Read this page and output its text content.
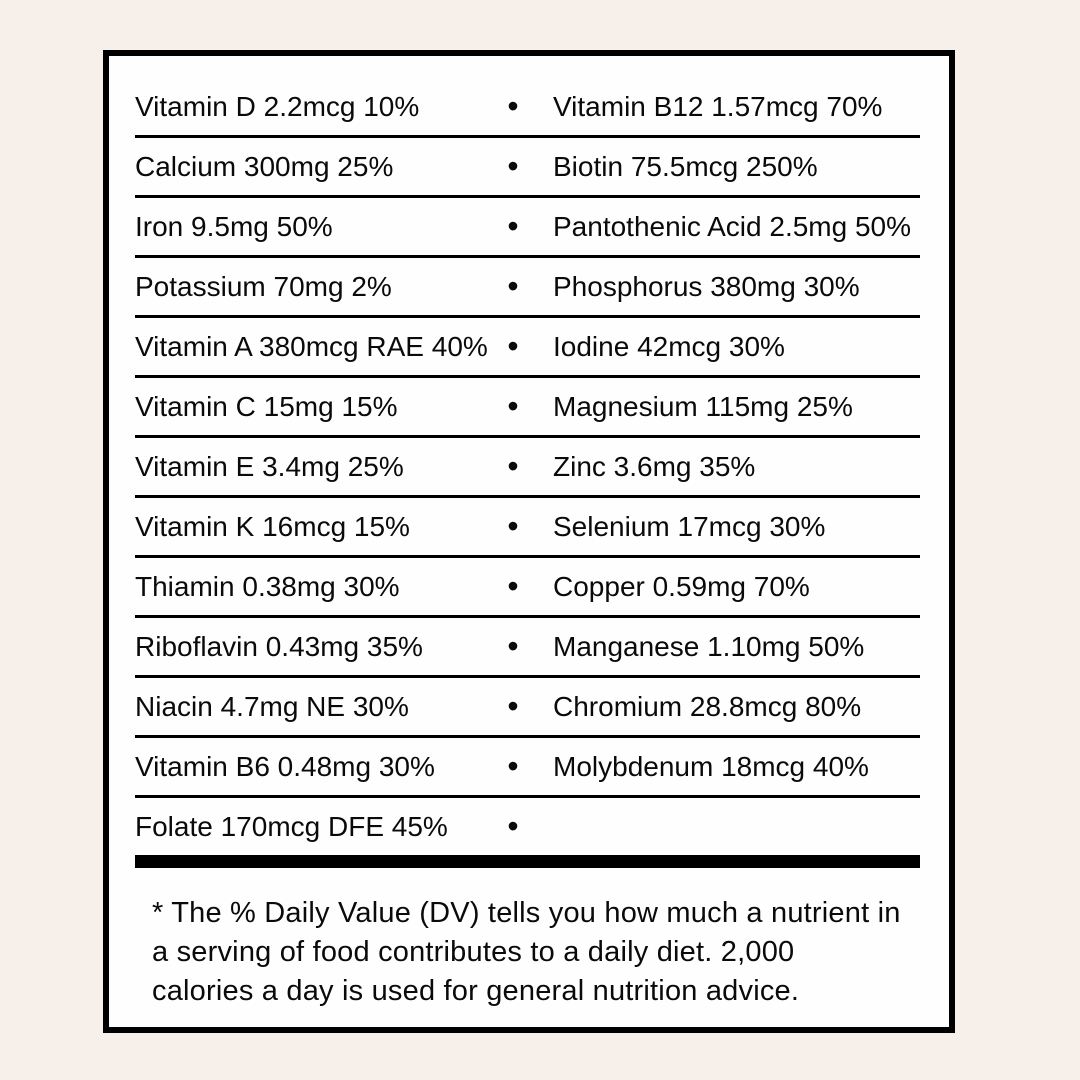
Vitamin D 2.2mcg 10%	•	Vitamin B12 1.57mcg 70%
Calcium 300mg 25%	•	Biotin 75.5mcg 250%
Iron 9.5mg 50%	•	Pantothenic Acid 2.5mg 50%
Potassium 70mg 2%	•	Phosphorus 380mg 30%
Vitamin A 380mcg RAE 40% •	Iodine 42mcg 30%
Vitamin C 15mg 15%	•	Magnesium 115mg 25%
Vitamin E 3.4mg 25%	•	Zinc 3.6mg 35%
Vitamin K 16mcg 15%	•	Selenium 17mcg 30%
Thiamin 0.38mg 30%	•	Copper 0.59mg 70%
Riboflavin 0.43mg 35%	•	Manganese 1.10mg 50%
Niacin 4.7mg NE 30%	•	Chromium 28.8mcg 80%
Vitamin B6 0.48mg 30%	•	Molybdenum 18mcg 40%
Folate 170mcg DFE 45%	•
* The % Daily Value (DV) tells you how much a nutrient in
a serving of food contributes to a daily diet. 2,000
calories a day is used for general nutrition advice.
